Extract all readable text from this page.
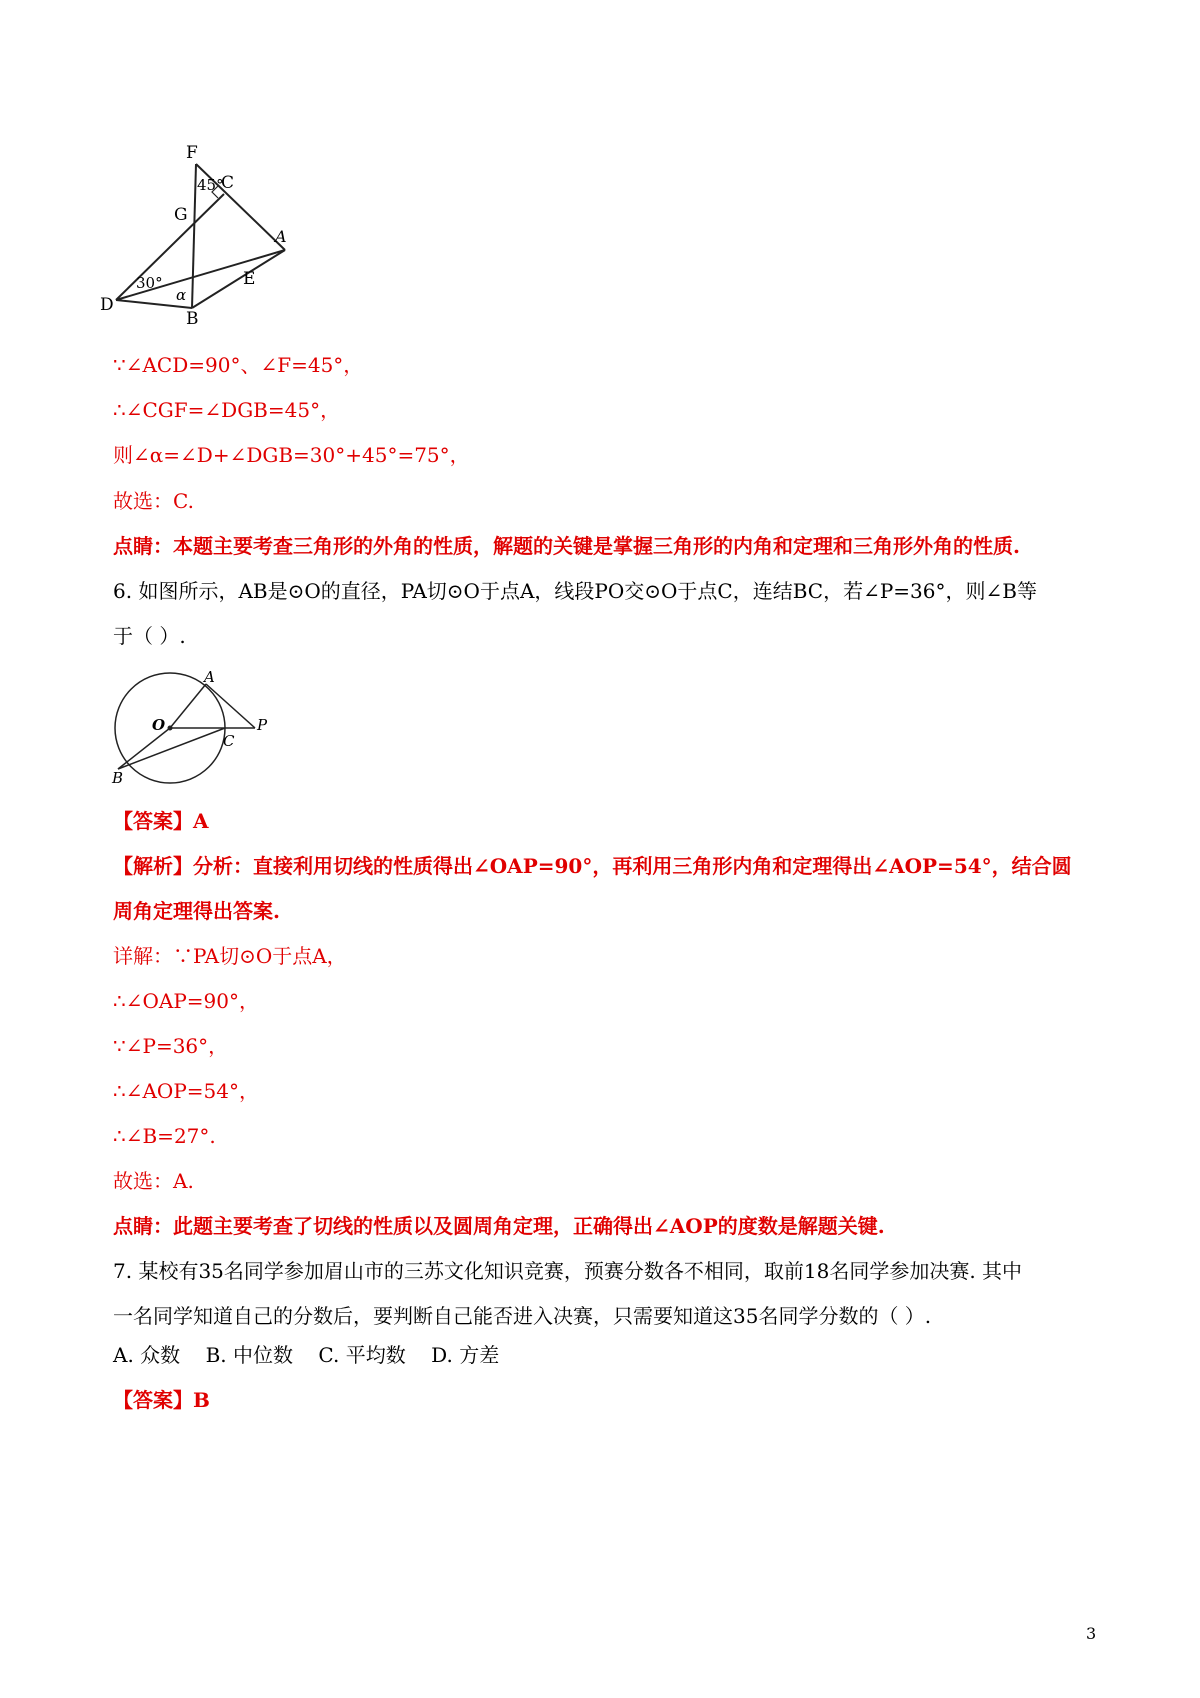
F
C
G
A
D
E
B
45°
30°
α
∵∠ACD=90°、∠F=45°，
∴∠CGF=∠DGB=45°，
则∠α=∠D+∠DGB=30°+45°=75°，
故选：C.
点睛：本题主要考查三角形的外角的性质，解题的关键是掌握三角形的内角和定理和三角形外角的性质.
6. 如图所示，AB是⊙O的直径，PA切⊙O于点A，线段PO交⊙O于点C，连结BC，若∠P=36°，则∠B等
于（ ）.
A
O	P
C
B
【答案】A
【解析】分析：直接利用切线的性质得出∠OAP=90°，再利用三角形内角和定理得出∠AOP=54°，结合圆
周角定理得出答案.
详解：∵PA切⊙O于点A，
∴∠OAP=90°，
∵∠P=36°，
∴∠AOP=54°，
∴∠B=27°.
故选：A.
点睛：此题主要考查了切线的性质以及圆周角定理，正确得出∠AOP的度数是解题关键.
7. 某校有35名同学参加眉山市的三苏文化知识竞赛，预赛分数各不相同，取前18名同学参加决赛. 其中
一名同学知道自己的分数后，要判断自己能否进入决赛，只需要知道这35名同学分数的（ ）.
A. 众数    B. 中位数    C. 平均数    D. 方差
【答案】B
3
